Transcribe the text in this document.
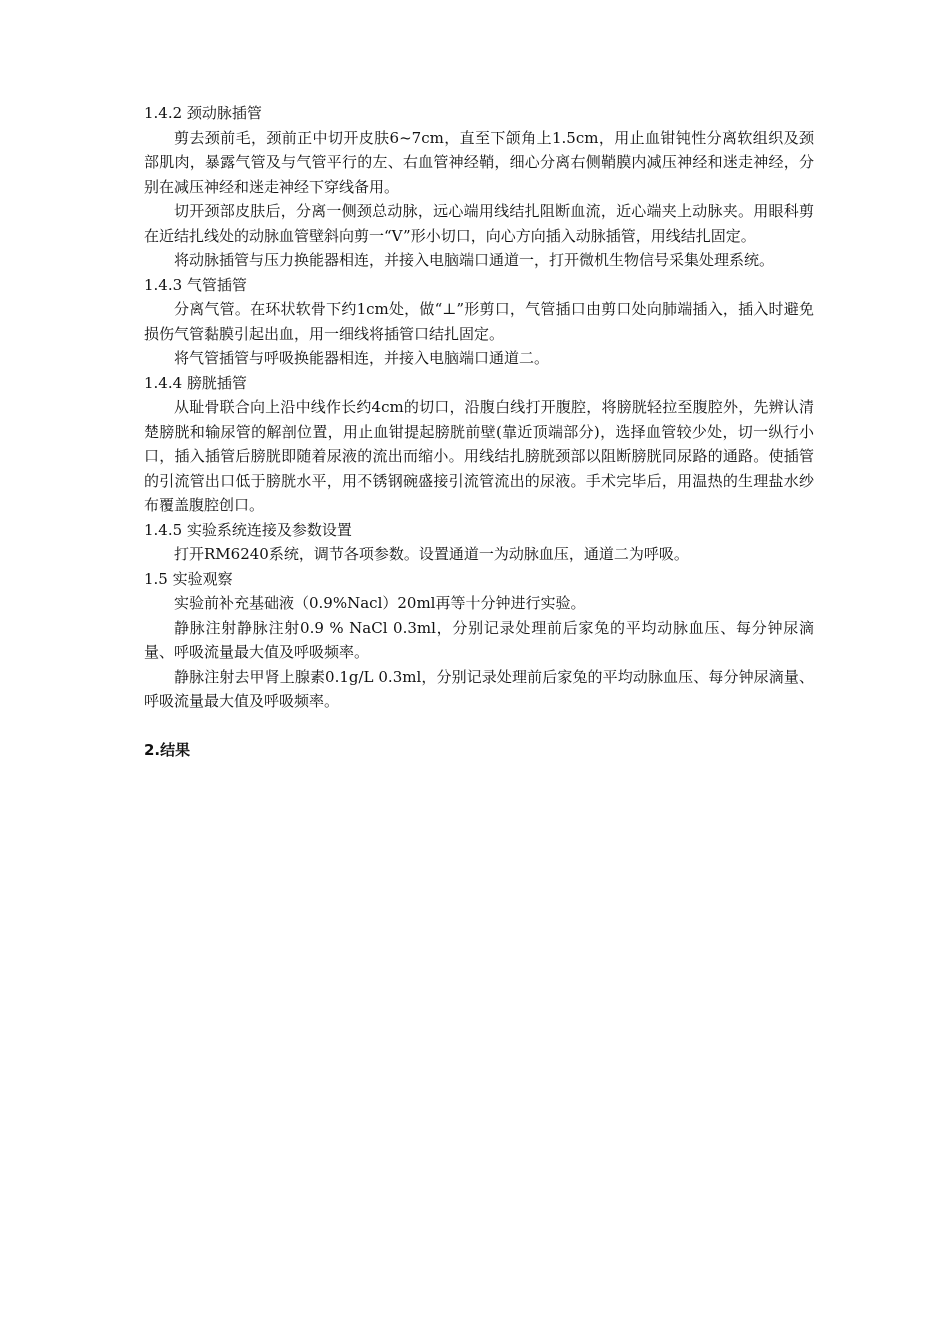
1.4.2 颈动脉插管

剪去颈前毛，颈前正中切开皮肤6~7cm，直至下颌角上1.5cm，用止血钳钝性分离软组织及颈部肌肉，暴露气管及与气管平行的左、右血管神经鞘，细心分离右侧鞘膜内减压神经和迷走神经，分别在减压神经和迷走神经下穿线备用。

切开颈部皮肤后，分离一侧颈总动脉，远心端用线结扎阻断血流，近心端夹上动脉夹。用眼科剪在近结扎线处的动脉血管壁斜向剪一“V”形小切口，向心方向插入动脉插管，用线结扎固定。

将动脉插管与压力换能器相连，并接入电脑端口通道一，打开微机生物信号采集处理系统。

1.4.3 气管插管

分离气管。在环状软骨下约1cm处，做“⊥”形剪口，气管插口由剪口处向肺端插入，插入时避免损伤气管黏膜引起出血，用一细线将插管口结扎固定。

将气管插管与呼吸换能器相连，并接入电脑端口通道二。

1.4.4 膀胱插管

从耻骨联合向上沿中线作长约4cm的切口，沿腹白线打开腹腔，将膀胱轻拉至腹腔外，先辨认清楚膀胱和输尿管的解剖位置，用止血钳提起膀胱前壁(靠近顶端部分)，选择血管较少处，切一纵行小口，插入插管后膀胱即随着尿液的流出而缩小。用线结扎膀胱颈部以阻断膀胱同尿路的通路。使插管的引流管出口低于膀胱水平，用不锈钢碗盛接引流管流出的尿液。手术完毕后，用温热的生理盐水纱布覆盖腹腔创口。

1.4.5 实验系统连接及参数设置

打开RM6240系统，调节各项参数。设置通道一为动脉血压，通道二为呼吸。

1.5 实验观察

实验前补充基础液（0.9%Nacl）20ml再等十分钟进行实验。

静脉注射静脉注射0.9 % NaCl 0.3ml，分别记录处理前后家兔的平均动脉血压、每分钟尿滴量、呼吸流量最大值及呼吸频率。

静脉注射去甲肾上腺素0.1g/L 0.3ml，分别记录处理前后家兔的平均动脉血压、每分钟尿滴量、呼吸流量最大值及呼吸频率。

2.结果
